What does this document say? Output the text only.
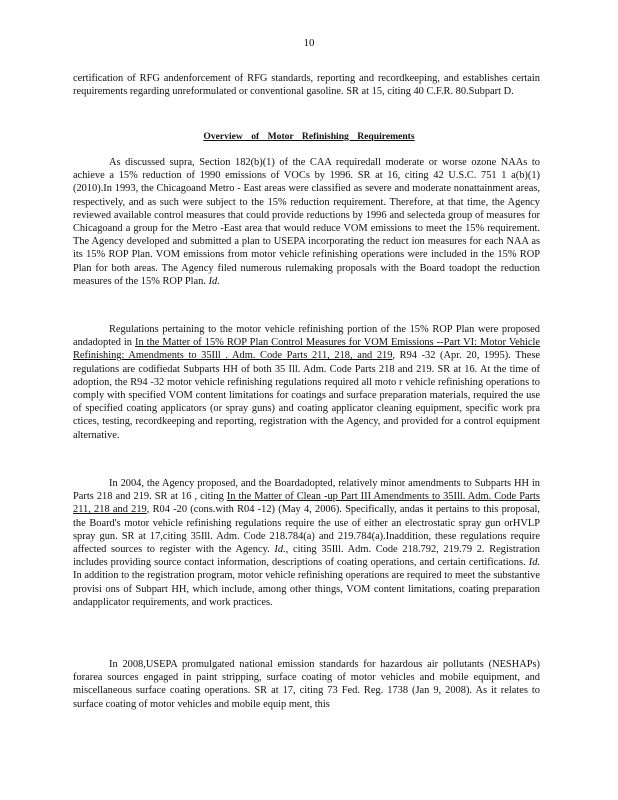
10

certification of RFG andenforcement of RFG standards, reporting and recordkeeping, and establishes certain requirements regarding unreformulated or conventional gasoline. SR at 15, citing 40 C.F.R. 80.Subpart D.

Overview of Motor Refinishing Requirements

As discussed supra, Section 182(b)(1) of the CAA requiredall moderate or worse ozone NAAs to achieve a 15% reduction of 1990 emissions of VOCs by 1996. SR at 16, citing 42 U.S.C. 751 1 a(b)(1) (2010).In 1993, the Chicagoand Metro - East areas were classified as severe and moderate nonattainment areas, respectively, and as such were subject to the 15% reduction requirement. Therefore, at that time, the Agency reviewed available control measures that could provide reductions by 1996 and selecteda group of measures for Chicagoand a group for the Metro -East area that would reduce VOM emissions to meet the 15% requirement. The Agency developed and submitted a plan to USEPA incorporating the reduct ion measures for each NAA as its 15% ROP Plan. VOM emissions from motor vehicle refinishing operations were included in the 15% ROP Plan for both areas. The Agency filed numerous rulemaking proposals with the Board toadopt the reduction measures of the 15% ROP Plan. Id.

Regulations pertaining to the motor vehicle refinishing portion of the 15% ROP Plan were proposed andadopted in In the Matter of 15% ROP Plan Control Measures for VOM Emissions --Part VI: Motor Vehicle Refinishing: Amendments to 35Ill . Adm. Code Parts 211, 218, and 219, R94 -32 (Apr. 20, 1995). These regulations are codifiedat Subparts HH of both 35 Ill. Adm. Code Parts 218 and 219. SR at 16. At the time of adoption, the R94 -32 motor vehicle refinishing regulations required all moto r vehicle refinishing operations to comply with specified VOM content limitations for coatings and surface preparation materials, required the use of specified coating applicators (or spray guns) and coating applicator cleaning equipment, specific work pra ctices, testing, recordkeeping and reporting, registration with the Agency, and provided for a control equipment alternative.

In 2004, the Agency proposed, and the Boardadopted, relatively minor amendments to Subparts HH in Parts 218 and 219. SR at 16 , citing In the Matter of Clean -up Part III Amendments to 35Ill. Adm. Code Parts 211, 218 and 219, R04 -20 (cons.with R04 -12) (May 4, 2006). Specifically, andas it pertains to this proposal, the Board's motor vehicle refinishing regulations require the use of either an electrostatic spray gun orHVLP spray gun. SR at 17,citing 35Ill. Adm. Code 218.784(a) and 219.784(a).Inaddition, these regulations require affected sources to register with the Agency. Id., citing 35Ill. Adm. Code 218.792, 219.79 2. Registration includes providing source contact information, descriptions of coating operations, and certain certifications. Id. In addition to the registration program, motor vehicle refinishing operations are required to meet the substantive provisi ons of Subpart HH, which include, among other things, VOM content limitations, coating preparation andapplicator requirements, and work practices.

In 2008,USEPA promulgated national emission standards for hazardous air pollutants (NESHAPs) forarea sources engaged in paint stripping, surface coating of motor vehicles and mobile equipment, and miscellaneous surface coating operations. SR at 17, citing 73 Fed. Reg. 1738 (Jan 9, 2008). As it relates to surface coating of motor vehicles and mobile equip ment, this
